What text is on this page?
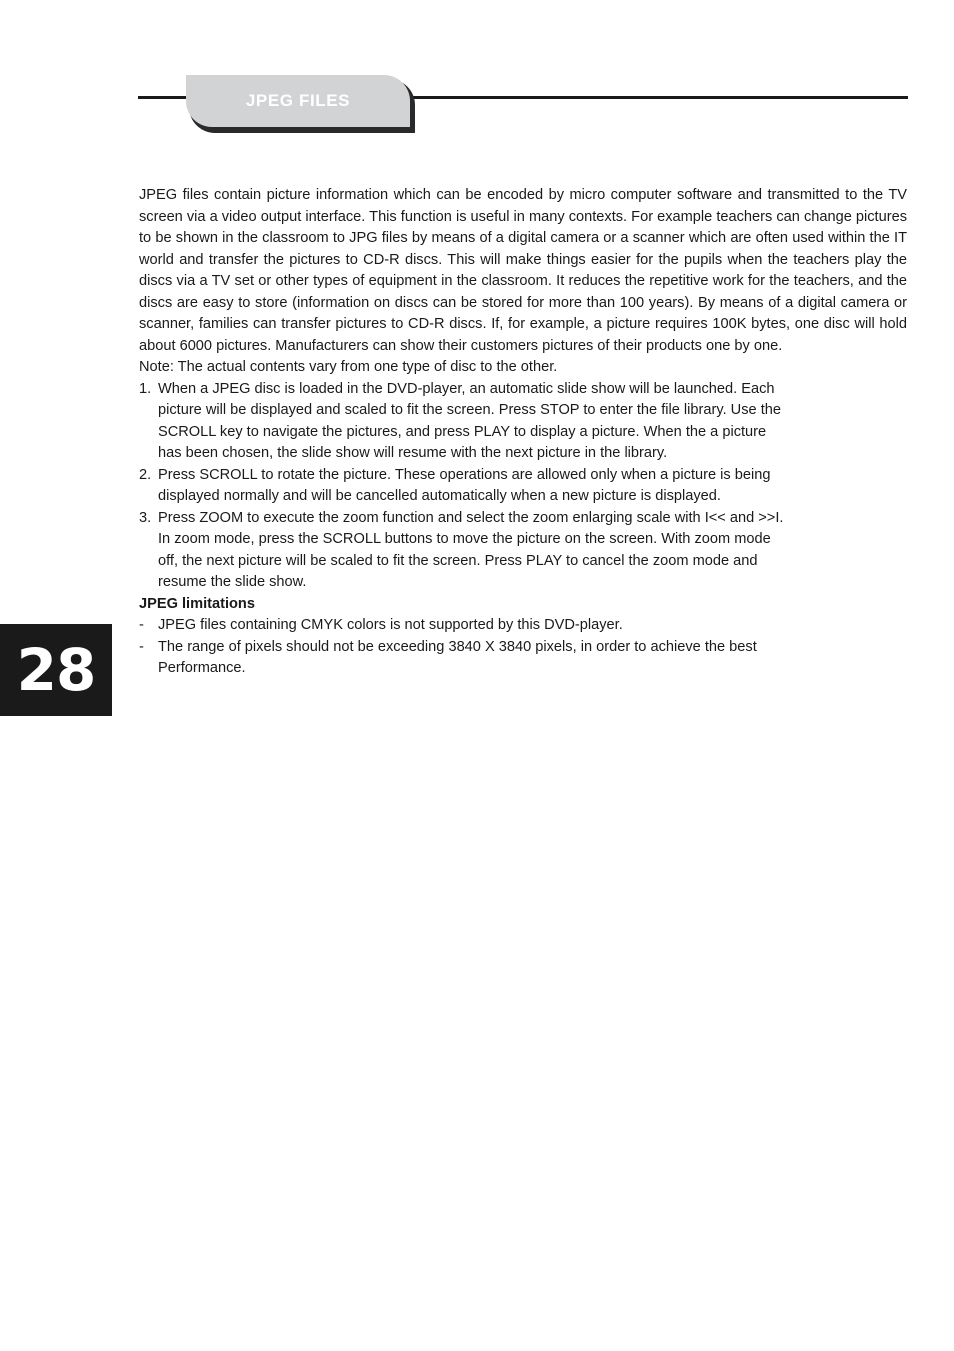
JPEG FILES

JPEG files contain picture information which can be encoded by micro computer software and transmitted to the TV screen via a video output interface. This function is useful in many contexts. For example teachers can change pictures to be shown in the classroom to JPG files by means of a digital camera or a scanner which are often used within the IT world and transfer the pictures to CD-R discs. This will make things easier for the pupils when the teachers play the discs via a TV set or other types of equipment in the classroom. It reduces the repetitive work for the teachers, and the discs are easy to store (information on discs can be stored for more than 100 years). By means of a digital camera or scanner, families can transfer pictures to CD-R discs. If, for example, a picture requires 100K bytes, one disc will hold about 6000 pictures. Manufacturers can show their customers pictures of their products one by one.

Note: The actual contents vary from one type of disc to the other.

1. When a JPEG disc is loaded in the DVD-player, an automatic slide show will be launched. Each picture will be displayed and scaled to fit the screen. Press STOP to enter the file library. Use the SCROLL key to navigate the pictures, and press PLAY to display a picture. When the a picture has been chosen, the slide show will resume with the next picture in the library.
2. Press SCROLL to rotate the picture. These operations are allowed only when a picture is being displayed normally and will be cancelled automatically when a new picture is displayed.
3. Press ZOOM to execute the zoom function and select the zoom enlarging scale with I<< and >>I. In zoom mode, press the SCROLL buttons to move the picture on the screen. With zoom mode off, the next picture will be scaled to fit the screen. Press PLAY to cancel the zoom mode and resume the slide show.

JPEG limitations

- JPEG files containing CMYK colors is not supported by this DVD-player.
- The range of pixels should not be exceeding 3840 X 3840 pixels, in order to achieve the best Performance.
28
